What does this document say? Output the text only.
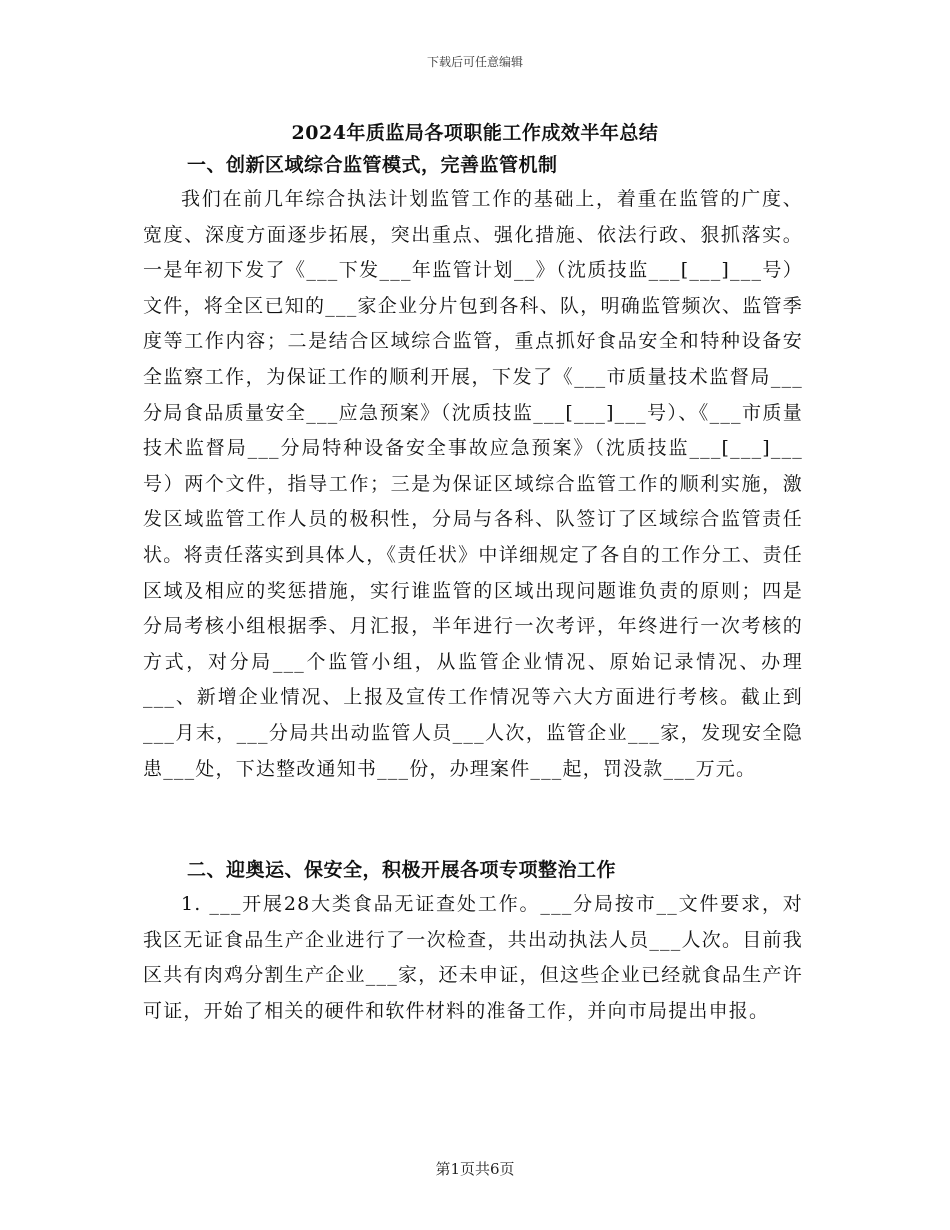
下载后可任意编辑
2024年质监局各项职能工作成效半年总结
一、创新区域综合监管模式，完善监管机制

我们在前几年综合执法计划监管工作的基础上，着重在监管的广度、宽度、深度方面逐步拓展，突出重点、强化措施、依法行政、狠抓落实。一是年初下发了《___下发___年监管计划__》（沈质技监___[___]___号）文件，将全区已知的___家企业分片包到各科、队，明确监管频次、监管季度等工作内容；二是结合区域综合监管，重点抓好食品安全和特种设备安全监察工作，为保证工作的顺利开展，下发了《___市质量技术监督局___分局食品质量安全___应急预案》（沈质技监___[___]___号）、《___市质量技术监督局___分局特种设备安全事故应急预案》（沈质技监___[___]___号）两个文件，指导工作；三是为保证区域综合监管工作的顺利实施，激发区域监管工作人员的极积性，分局与各科、队签订了区域综合监管责任状。将责任落实到具体人，《责任状》中详细规定了各自的工作分工、责任区域及相应的奖惩措施，实行谁监管的区域出现问题谁负责的原则；四是分局考核小组根据季、月汇报，半年进行一次考评，年终进行一次考核的方式，对分局___个监管小组，从监管企业情况、原始记录情况、办理___、新增企业情况、上报及宣传工作情况等六大方面进行考核。截止到___月末，___分局共出动监管人员___人次，监管企业___家，发现安全隐患___处，下达整改通知书___份，办理案件___起，罚没款___万元。

二、迎奥运、保安全，积极开展各项专项整治工作

1. ___开展28大类食品无证查处工作。___分局按市__文件要求，对我区无证食品生产企业进行了一次检查，共出动执法人员___人次。目前我区共有肉鸡分割生产企业___家，还未申证，但这些企业已经就食品生产许可证，开始了相关的硬件和软件材料的准备工作，并向市局提出申报。

第1页共6页
